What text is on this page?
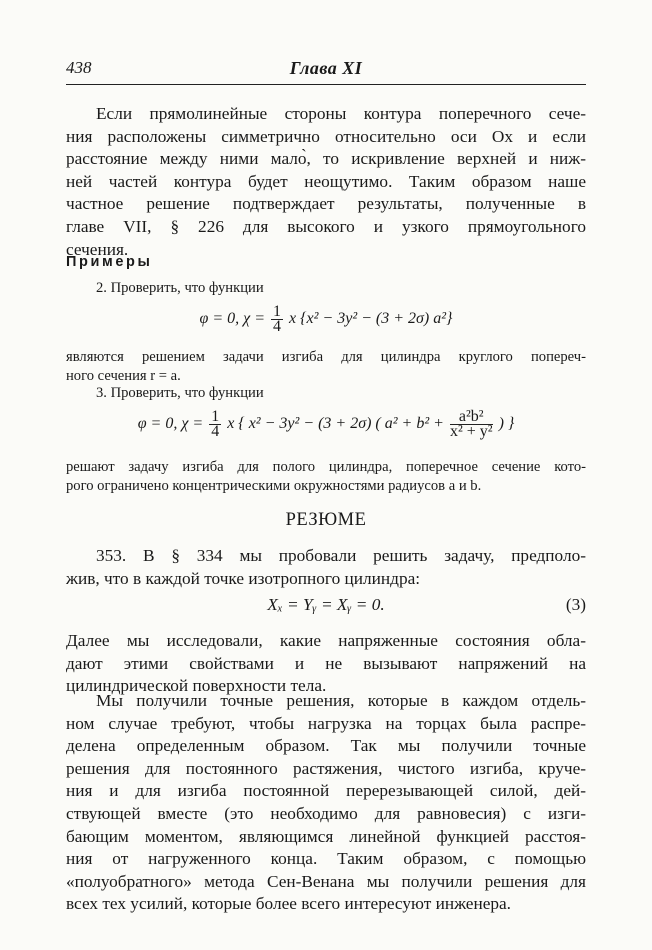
438	Глава XI
Если прямолинейные стороны контура поперечного сече-
ния расположены симметрично относительно оси Ox и если
расстояние между ними мало̀, то искривление верхней и ниж-
ней частей контура будет неощутимо. Таким образом наше
частное решение подтверждает результаты, полученные в
главе VII, § 226 для высокого и узкого прямоугольного
сечения.
Примеры
2. Проверить, что функции
φ = 0, $\chi = \frac{1}{4}$ x {x² − 3y² − (3 + 2σ) a²}
являются решением задачи изгиба для цилиндра круглого попереч-
ного сечения r = a.
3. Проверить, что функции
φ = 0, $\chi = \frac{1}{4}$ x { x² − 3y² − (3 + 2σ) ( $a^2 + b^2 + \frac{\text{a²b²}}{\text{x² + y²}}$ ) }
решают задачу изгиба для полого цилиндра, поперечное сечение кото-
рого ограничено концентрическими окружностями радиусов a и b.
РЕЗЮМЕ
353. В § 334 мы пробовали решить задачу, предполо-
жив, что в каждой точке изотропного цилиндра:
Xₓ = Yᵧ = Xᵧ = 0.	(3)
Далее мы исследовали, какие напряженные состояния обла-
дают этими свойствами и не вызывают напряжений на
цилиндрической поверхности тела.
Мы получили точные решения, которые в каждом отдель-
ном случае требуют, чтобы нагрузка на торцах была распре-
делена определенным образом. Так мы получили точные
решения для постоянного растяжения, чистого изгиба, круче-
ния и для изгиба постоянной перерезывающей силой, дей-
ствующей вместе (это необходимо для равновесия) с изги-
бающим моментом, являющимся линейной функцией расстоя-
ния от нагруженного конца. Таким образом, с помощью
«полуобратного» метода Сен-Венана мы получили решения для
всех тех усилий, которые более всего интересуют инженера.
